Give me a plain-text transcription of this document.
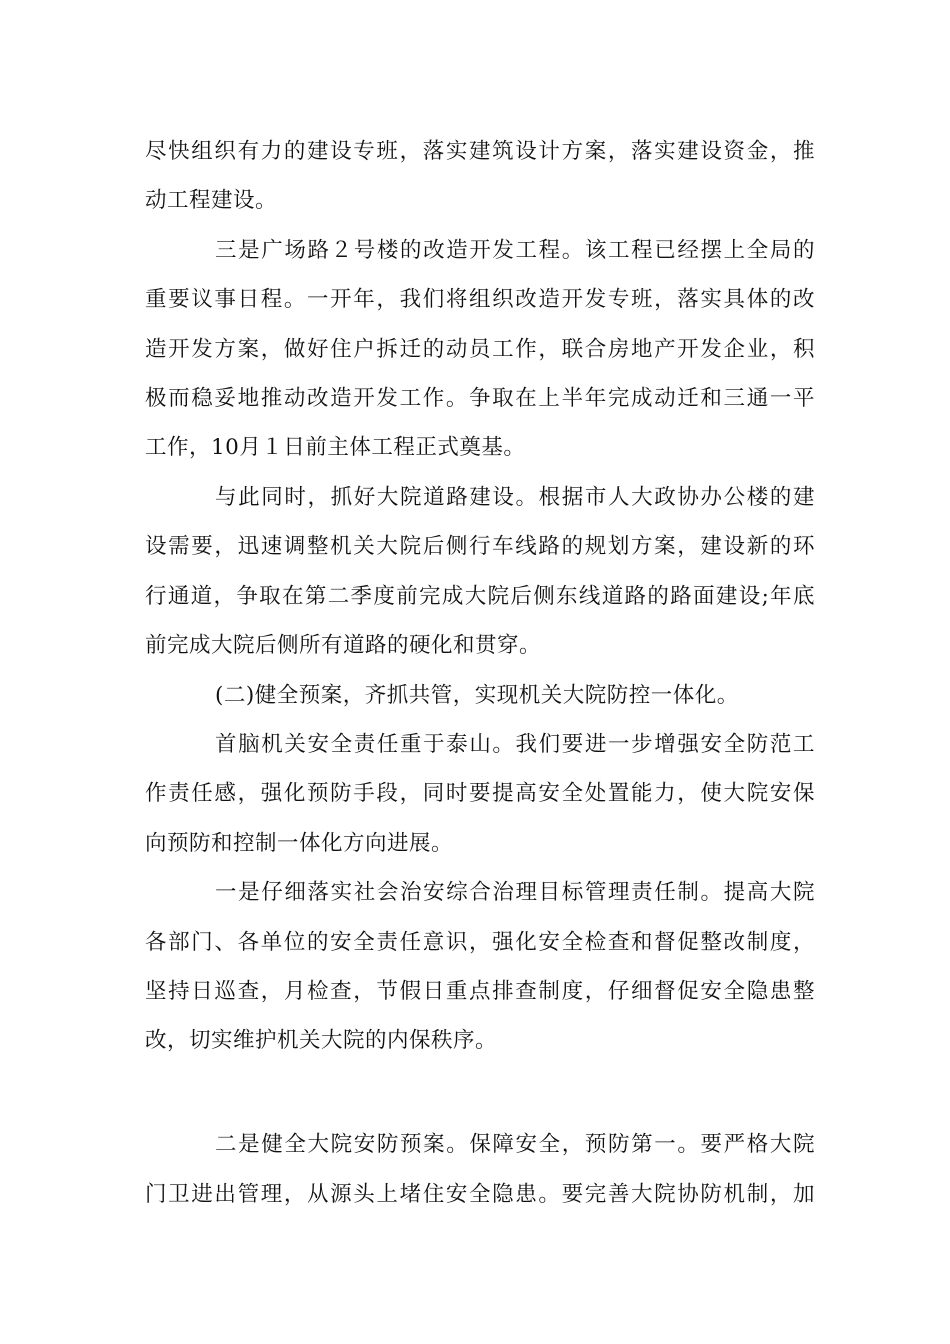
尽快组织有力的建设专班，落实建筑设计方案，落实建设资金，推
动工程建设。
三是广场路２号楼的改造开发工程。该工程已经摆上全局的
重要议事日程。一开年，我们将组织改造开发专班，落实具体的改
造开发方案，做好住户拆迁的动员工作，联合房地产开发企业，积
极而稳妥地推动改造开发工作。争取在上半年完成动迁和三通一平
工作，10月１日前主体工程正式奠基。
与此同时，抓好大院道路建设。根据市人大政协办公楼的建
设需要，迅速调整机关大院后侧行车线路的规划方案，建设新的环
行通道，争取在第二季度前完成大院后侧东线道路的路面建设;年底
前完成大院后侧所有道路的硬化和贯穿。
(二)健全预案，齐抓共管，实现机关大院防控一体化。
首脑机关安全责任重于泰山。我们要进一步增强安全防范工
作责任感，强化预防手段，同时要提高安全处置能力，使大院安保
向预防和控制一体化方向进展。
一是仔细落实社会治安综合治理目标管理责任制。提高大院
各部门、各单位的安全责任意识，强化安全检查和督促整改制度，
坚持日巡查，月检查，节假日重点排查制度，仔细督促安全隐患整
改，切实维护机关大院的内保秩序。
二是健全大院安防预案。保障安全，预防第一。要严格大院
门卫进出管理，从源头上堵住安全隐患。要完善大院协防机制，加
